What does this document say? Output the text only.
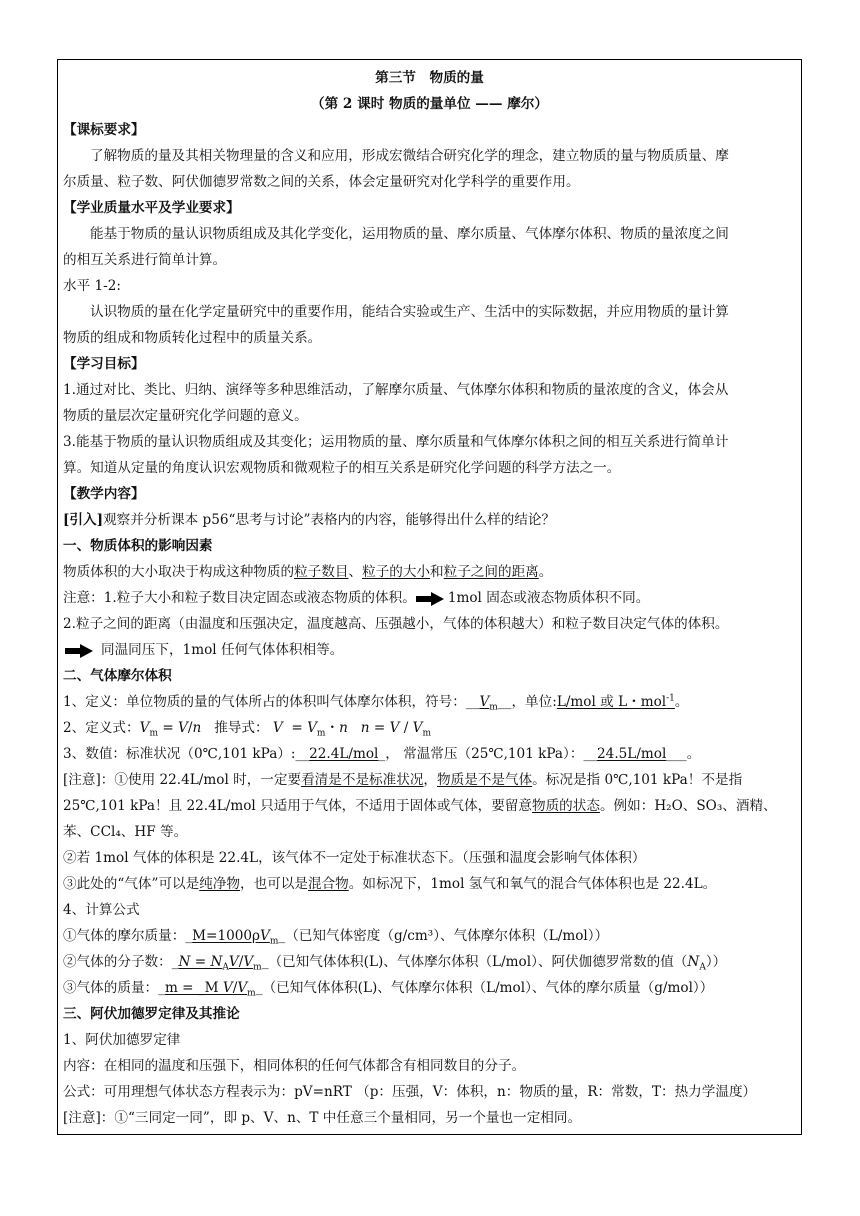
第三节　物质的量
（第 2 课时 物质的量单位 —— 摩尔）
【课标要求】
了解物质的量及其相关物理量的含义和应用，形成宏微结合研究化学的理念，建立物质的量与物质质量、摩
尔质量、粒子数、阿伏伽德罗常数之间的关系，体会定量研究对化学科学的重要作用。
【学业质量水平及学业要求】
能基于物质的量认识物质组成及其化学变化，运用物质的量、摩尔质量、气体摩尔体积、物质的量浓度之间
的相互关系进行简单计算。
水平 1-2:
认识物质的量在化学定量研究中的重要作用，能结合实验或生产、生活中的实际数据，并应用物质的量计算
物质的组成和物质转化过程中的质量关系。
【学习目标】
1.通过对比、类比、归纳、演绎等多种思维活动，了解摩尔质量、气体摩尔体积和物质的量浓度的含义，体会从
物质的量层次定量研究化学问题的意义。
3.能基于物质的量认识物质组成及其变化；运用物质的量、摩尔质量和气体摩尔体积之间的相互关系进行简单计
算。知道从定量的角度认识宏观物质和微观粒子的相互关系是研究化学问题的科学方法之一。
【教学内容】
[引入]观察并分析课本 p56“思考与讨论”表格内的内容，能够得出什么样的结论？
一、物质体积的影响因素
物质体积的大小取决于构成这种物质的粒子数目、粒子的大小和粒子之间的距离。
注意：1.粒子大小和粒子数目决定固态或液态物质的体积。 1mol 固态或液态物质体积不同。
2.粒子之间的距离（由温度和压强决定，温度越高、压强越小，气体的体积越大）和粒子数目决定气体的体积。
同温同压下，1mol 任何气体体积相等。
二、气体摩尔体积
1、定义：单位物质的量的气体所占的体积叫气体摩尔体积，符号：$\_\_V_m\_\_$，单位:L/mol 或 L・mol$^{-1}$。
2、定义式：$V_m = V/n$ 推导式： $V = V_m$・n $n = V / V_m$
3、数值：标准状况（0℃,101 kPa）:__22.4L/mol_， 常温常压（25℃,101 kPa）：__24.5L/mol___。
[注意]：①使用 22.4L/mol 时，一定要看清是不是标准状况，物质是不是气体。标况是指 0℃,101 kPa！不是指
25℃,101 kPa！且 22.4L/mol 只适用于气体，不适用于固体或气体，要留意物质的状态。例如：H₂O、SO₃、酒精、
苯、CCl₄、HF 等。
②若 1mol 气体的体积是 22.4L，该气体不一定处于标准状态下。（压强和温度会影响气体体积）
③此处的“气体”可以是纯净物，也可以是混合物。如标况下，1mol 氢气和氧气的混合气体体积也是 22.4L。
4、计算公式
①气体的摩尔质量：$\_M=1000\rho V_m\_$（已知气体密度（g/cm³）、气体摩尔体积（L/mol））
②气体的分子数：_N = $N_AV/V_m\_$（已知气体体积(L)、气体摩尔体积（L/mol）、阿伏伽德罗常数的值$(N_A)$）
③气体的质量：_m = _M $V/V_m\_$（已知气体体积(L)、气体摩尔体积（L/mol）、气体的摩尔质量（g/mol））
三、阿伏加德罗定律及其推论
1、阿伏加德罗定律
内容：在相同的温度和压强下，相同体积的任何气体都含有相同数目的分子。
公式：可用理想气体状态方程表示为：pV=nRT （p：压强，V：体积，n：物质的量，R：常数，T：热力学温度）
[注意]：①“三同定一同”，即 p、V、n、T 中任意三个量相同，另一个量也一定相同。
